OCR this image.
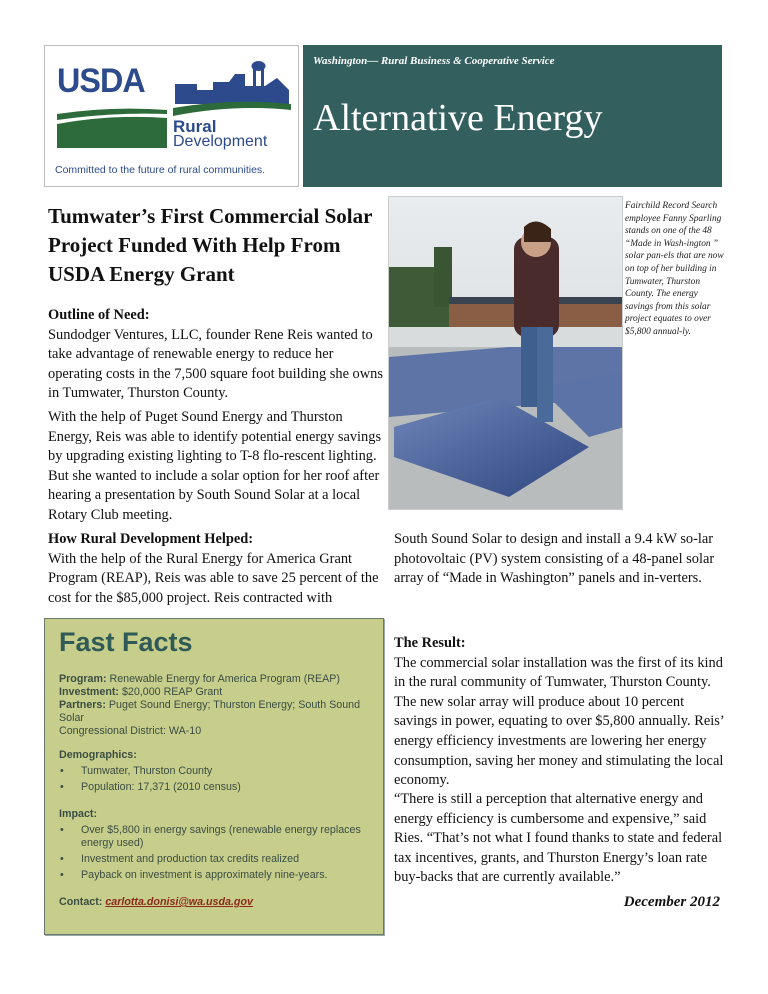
USDA
Rural
Development
Committed to the future of rural communities.
Washington— Rural Business & Cooperative Service
Alternative Energy
Tumwater’s First Commercial Solar Project Funded With Help From USDA Energy Grant

Outline of Need:

Sundodger Ventures, LLC, founder Rene Reis wanted to take advantage of renewable energy to reduce her operating costs in the 7,500 square foot building she owns in Tumwater, Thurston County.

With the help of Puget Sound Energy and Thurston Energy, Reis was able to identify potential energy savings by upgrading existing lighting to T-8 flo-rescent lighting. But she wanted to include a solar option for her roof after hearing a presentation by South Sound Solar at a local Rotary Club meeting.

How Rural Development Helped:

With the help of the Rural Energy for America Grant Program (REAP), Reis was able to save 25 percent of the cost for the $85,000 project. Reis contracted with

Fairchild Record Search employee Fanny Sparling stands on one of the 48 “Made in Wash-ington ” solar pan-els that are now on top of her building in Tumwater, Thurston County. The energy savings from this solar project equates to over $5,800 annual-ly.

South Sound Solar to design and install a 9.4 kW so-lar photovoltaic (PV) system consisting of a 48-panel solar array of “Made in Washington” panels and in-verters.

The Result:

The commercial solar installation was the first of its kind in the rural community of Tumwater, Thurston County. The new solar array will produce about 10 percent savings in power, equating to over $5,800 annually. Reis’ energy efficiency investments are lowering her energy consumption, saving her money and stimulating the local economy.

“There is still a perception that alternative energy and energy efficiency is cumbersome and expensive,” said Ries. “That’s not what I found thanks to state and federal tax incentives, grants, and Thurston Energy’s loan rate buy-backs that are currently available.”

December 2012
Fast Facts
Program: Renewable Energy for America Program (REAP)
Investment: $20,000 REAP Grant
Partners: Puget Sound Energy; Thurston Energy; South Sound Solar
Congressional District: WA-10
Demographics:
• Tumwater, Thurston County
• Population: 17,371 (2010 census)
Impact:
• Over $5,800 in energy savings (renewable energy replaces energy used)
• Investment and production tax credits realized
• Payback on investment is approximately nine-years.
Contact: carlotta.donisi@wa.usda.gov
